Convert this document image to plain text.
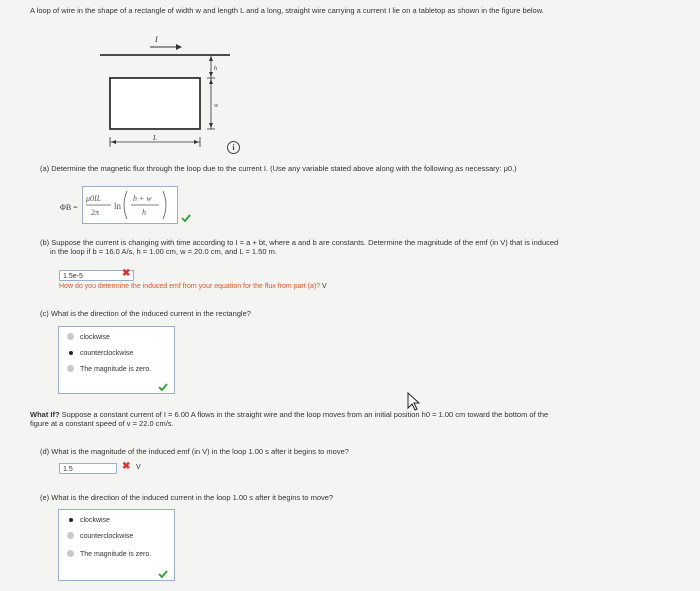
A loop of wire in the shape of a rectangle of width w and length L and a long, straight wire carrying a current I lie on a tabletop as shown in the figure below.
I
h
w
L
i
(a) Determine the magnetic flux through the loop due to the current I. (Use any variable stated above along with the following as necessary: μ0.)
ΦB =
μ0IL
2π
ln
h + w
h
(b) Suppose the current is changing with time according to I = a + bt, where a and b are constants. Determine the magnitude of the emf (in V) that is induced
in the loop if b = 16.0 A/s, h = 1.00 cm, w = 20.0 cm, and L = 1.50 m.
1.5e-5	✖
How do you determine the induced emf from your equation for the flux from part (a)? V
(c) What is the direction of the induced current in the rectangle?
clockwise
counterclockwise
The magnitude is zero.
What If? Suppose a constant current of I = 6.00 A flows in the straight wire and the loop moves from an initial position h0 = 1.00 cm toward the bottom of the
figure at a constant speed of v = 22.0 cm/s.
(d) What is the magnitude of the induced emf (in V) in the loop 1.00 s after it begins to move?
1.5	✖ V
(e) What is the direction of the induced current in the loop 1.00 s after it begins to move?
clockwise
counterclockwise
The magnitude is zero.
